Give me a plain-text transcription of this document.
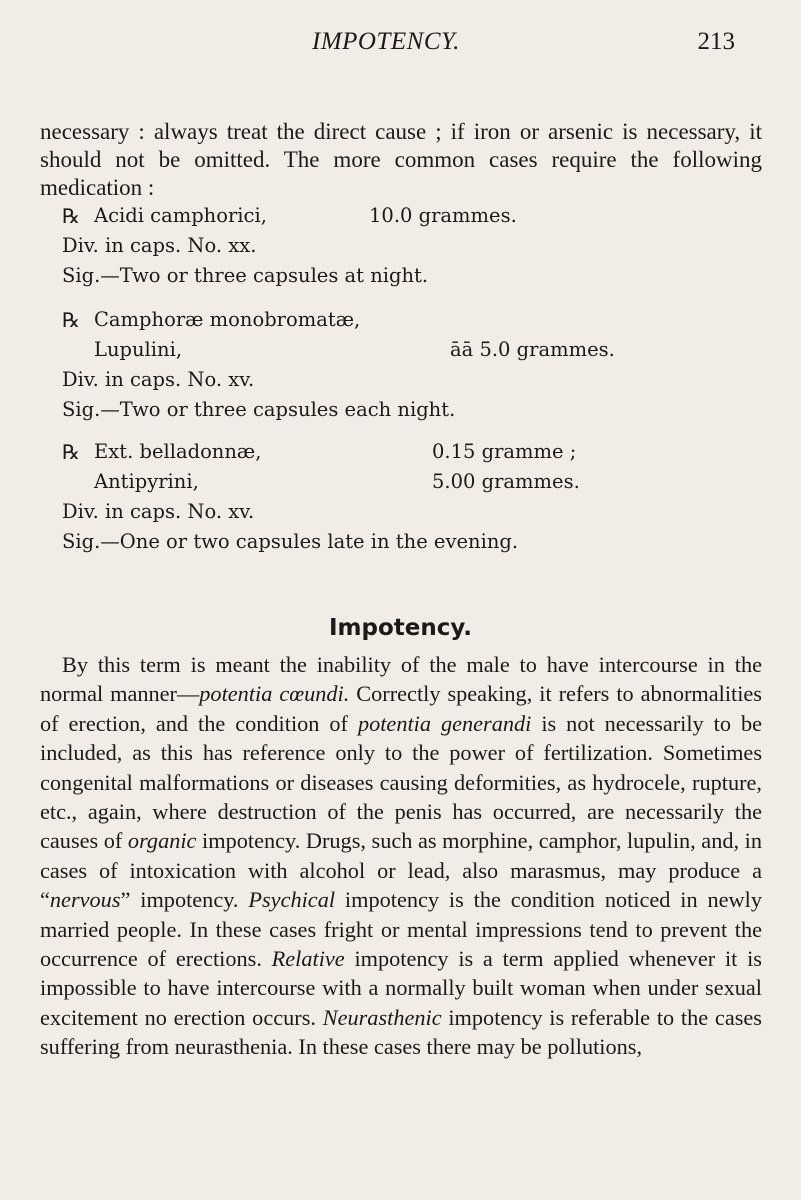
IMPOTENCY.	213

necessary : always treat the direct cause ; if iron or arsenic is necessary, it should not be omitted. The more common cases require the following medication :

℞ Acidi camphorici,	10.0 grammes.
Div. in caps. No. xx.
Sig.—Two or three capsules at night.
℞ Camphoræ monobromatæ,
Lupulini,	āā 5.0 grammes.
Div. in caps. No. xv.
Sig.—Two or three capsules each night.
℞ Ext. belladonnæ,	0.15 gramme ;
Antipyrini,	5.00 grammes.
Div. in caps. No. xv.
Sig.—One or two capsules late in the evening.
Impotency.

By this term is meant the inability of the male to have intercourse in the normal manner—potentia cœundi. Correctly speaking, it refers to abnormalities of erection, and the condition of potentia generandi is not necessarily to be included, as this has reference only to the power of fertilization. Sometimes congenital malformations or diseases causing deformities, as hydrocele, rupture, etc., again, where destruction of the penis has occurred, are necessarily the causes of organic impotency. Drugs, such as morphine, camphor, lupulin, and, in cases of intoxication with alcohol or lead, also marasmus, may produce a “nervous” impotency. Psychical impotency is the condition noticed in newly married people. In these cases fright or mental impressions tend to prevent the occurrence of erections. Relative impotency is a term applied whenever it is impossible to have intercourse with a normally built woman when under sexual excitement no erection occurs. Neurasthenic impotency is referable to the cases suffering from neurasthenia. In these cases there may be pollutions,
